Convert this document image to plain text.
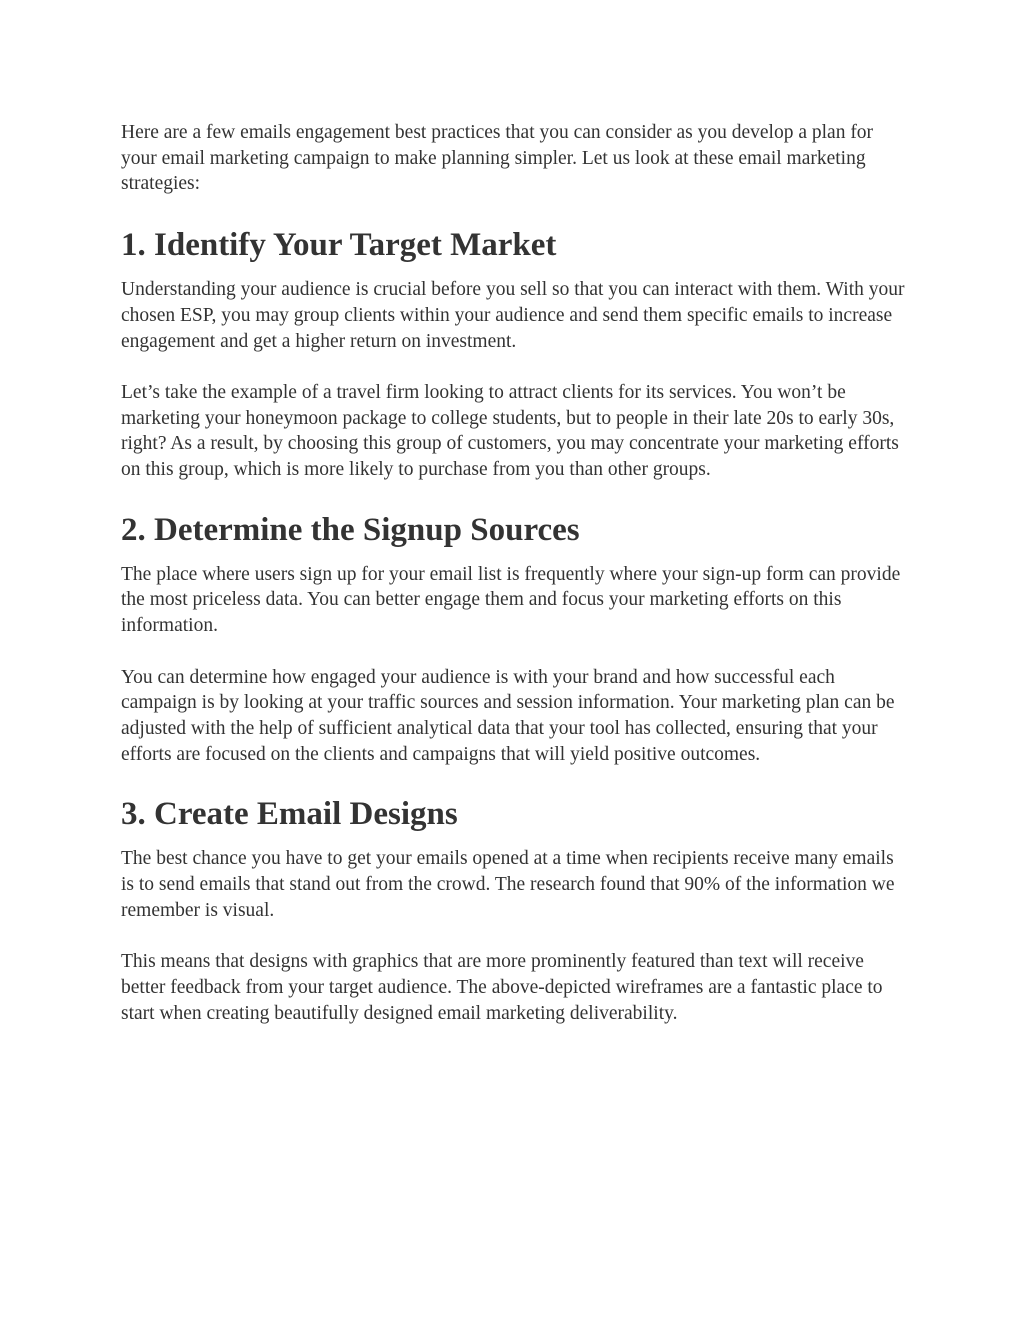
Here are a few emails engagement best practices that you can consider as you develop a plan for your email marketing campaign to make planning simpler. Let us look at these email marketing strategies:

1. Identify Your Target Market

Understanding your audience is crucial before you sell so that you can interact with them. With your chosen ESP, you may group clients within your audience and send them specific emails to increase engagement and get a higher return on investment.

Let’s take the example of a travel firm looking to attract clients for its services. You won’t be marketing your honeymoon package to college students, but to people in their late 20s to early 30s, right? As a result, by choosing this group of customers, you may concentrate your marketing efforts on this group, which is more likely to purchase from you than other groups.

2. Determine the Signup Sources

The place where users sign up for your email list is frequently where your sign-up form can provide the most priceless data. You can better engage them and focus your marketing efforts on this information.

You can determine how engaged your audience is with your brand and how successful each campaign is by looking at your traffic sources and session information. Your marketing plan can be adjusted with the help of sufficient analytical data that your tool has collected, ensuring that your efforts are focused on the clients and campaigns that will yield positive outcomes.

3. Create Email Designs

The best chance you have to get your emails opened at a time when recipients receive many emails is to send emails that stand out from the crowd. The research found that 90% of the information we remember is visual.

This means that designs with graphics that are more prominently featured than text will receive better feedback from your target audience. The above-depicted wireframes are a fantastic place to start when creating beautifully designed email marketing deliverability.
